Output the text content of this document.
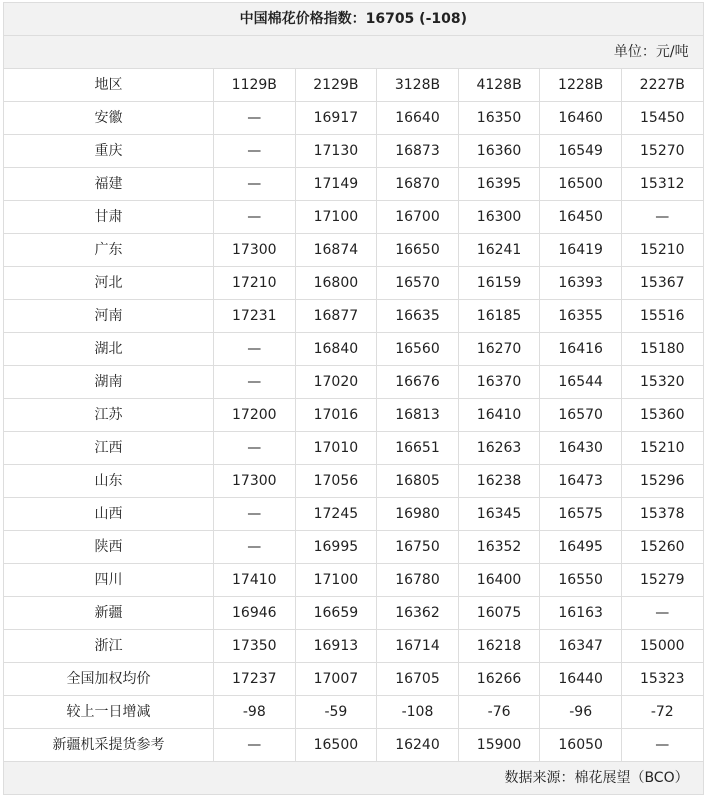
中国棉花价格指数：16705 (-108)						
单位：元/吨						
地区	1129B	2129B	3128B	4128B	1228B	2227B
安徽	—	16917	16640	16350	16460	15450
重庆	—	17130	16873	16360	16549	15270
福建	—	17149	16870	16395	16500	15312
甘肃	—	17100	16700	16300	16450	—
广东	17300	16874	16650	16241	16419	15210
河北	17210	16800	16570	16159	16393	15367
河南	17231	16877	16635	16185	16355	15516
湖北	—	16840	16560	16270	16416	15180
湖南	—	17020	16676	16370	16544	15320
江苏	17200	17016	16813	16410	16570	15360
江西	—	17010	16651	16263	16430	15210
山东	17300	17056	16805	16238	16473	15296
山西	—	17245	16980	16345	16575	15378
陕西	—	16995	16750	16352	16495	15260
四川	17410	17100	16780	16400	16550	15279
新疆	16946	16659	16362	16075	16163	—
浙江	17350	16913	16714	16218	16347	15000
全国加权均价	17237	17007	16705	16266	16440	15323
较上一日增减	-98	-59	-108	-76	-96	-72
新疆机采提货参考	—	16500	16240	15900	16050	—
数据来源：棉花展望（BCO）						
